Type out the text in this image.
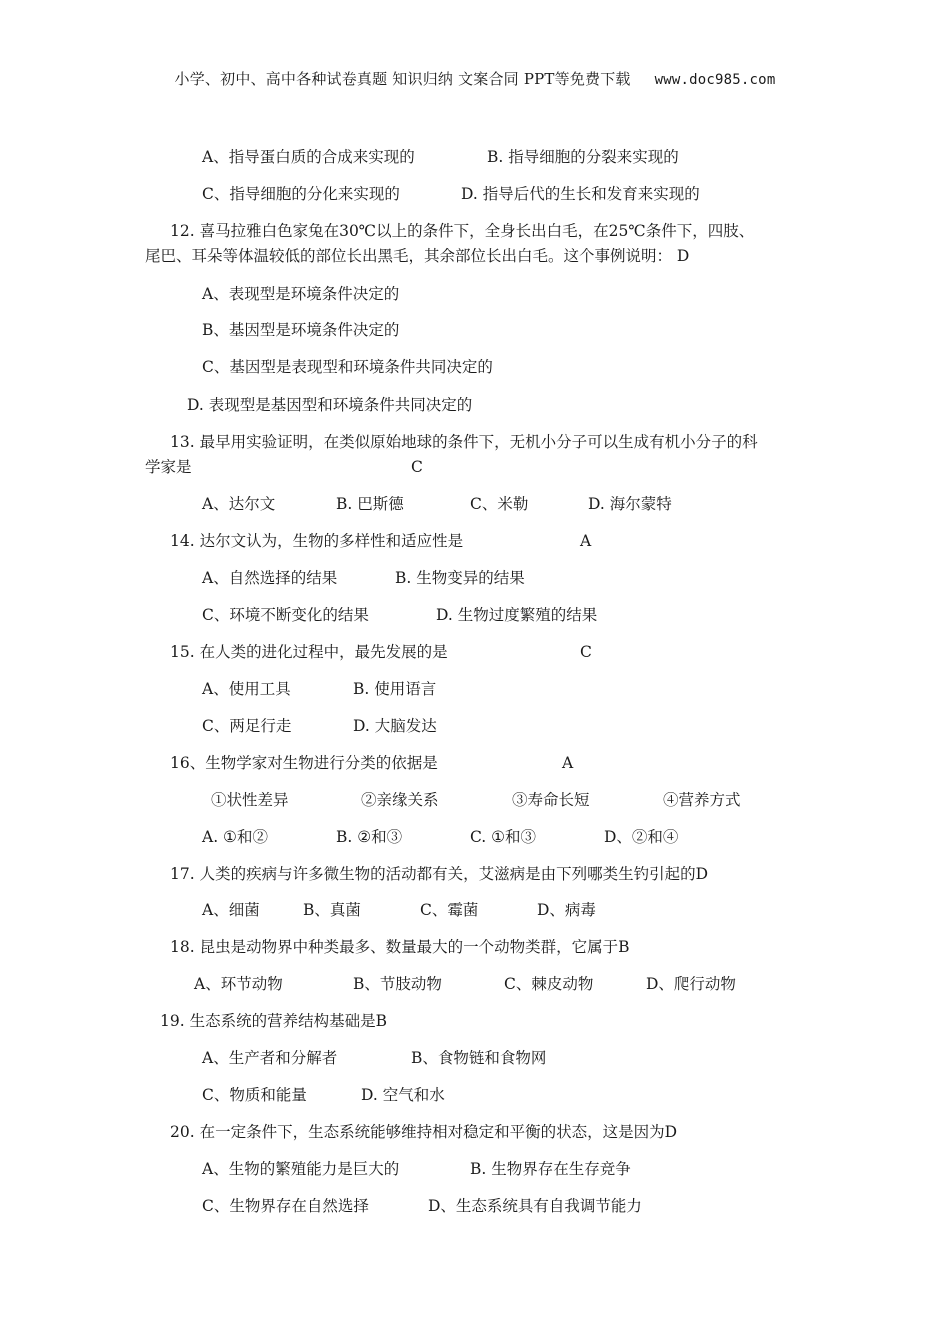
小学、初中、高中各种试卷真题 知识归纳 文案合同 PPT等免费下载 www.doc985.com
A、指导蛋白质的合成来实现的	B. 指导细胞的分裂来实现的
C、指导细胞的分化来实现的	D. 指导后代的生长和发育来实现的
12. 喜马拉雅白色家兔在30℃以上的条件下，全身长出白毛，在25℃条件下，四肢、
尾巴、耳朵等体温较低的部位长出黑毛，其余部位长出白毛。这个事例说明： D
A、表现型是环境条件决定的
B、基因型是环境条件决定的
C、基因型是表现型和环境条件共同决定的
D. 表现型是基因型和环境条件共同决定的
13. 最早用实验证明，在类似原始地球的条件下，无机小分子可以生成有机小分子的科
学家是	C
A、达尔文	B. 巴斯德	C、米勒	D. 海尔蒙特
14. 达尔文认为，生物的多样性和适应性是	A
A、自然选择的结果	B. 生物变异的结果
C、环境不断变化的结果	D. 生物过度繁殖的结果
15. 在人类的进化过程中，最先发展的是	C
A、使用工具	B. 使用语言
C、两足行走	D. 大脑发达
16、生物学家对生物进行分类的依据是	A
①状性差异	②亲缘关系	③寿命长短	④营养方式
A. ①和②	B. ②和③	C. ①和③	D、②和④
17. 人类的疾病与许多微生物的活动都有关，艾滋病是由下列哪类生钓引起的D
A、细菌	B、真菌	C、霉菌	D、病毒
18. 昆虫是动物界中种类最多、数量最大的一个动物类群，它属于B
A、环节动物	B、节肢动物	C、棘皮动物	D、爬行动物
19. 生态系统的营养结构基础是B
A、生产者和分解者	B、食物链和食物网
C、物质和能量	D. 空气和水
20. 在一定条件下，生态系统能够维持相对稳定和平衡的状态，这是因为D
A、生物的繁殖能力是巨大的	B. 生物界存在生存竞争
C、生物界存在自然选择	D、生态系统具有自我调节能力
